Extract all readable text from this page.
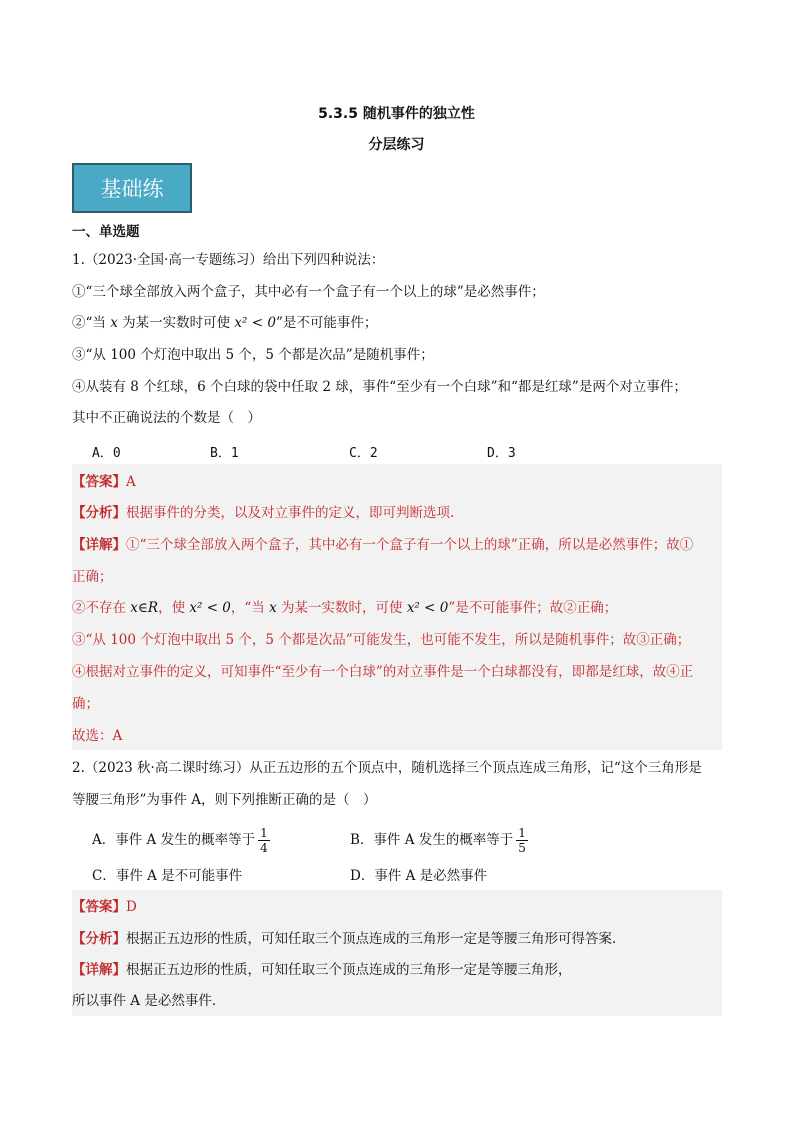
5.3.5 随机事件的独立性
分层练习
基础练
一、单选题
1.（2023·全国·高一专题练习）给出下列四种说法：
①“三个球全部放入两个盒子，其中必有一个盒子有一个以上的球”是必然事件；
②“当 x 为某一实数时可使 x² < 0”是不可能事件；
③“从 100 个灯泡中取出 5 个，5 个都是次品”是随机事件；
④从装有 8 个红球，6 个白球的袋中任取 2 球，事件“至少有一个白球”和“都是红球”是两个对立事件；
其中不正确说法的个数是（　）
A．0	B．1	C．2	D．3
【答案】A
【分析】根据事件的分类，以及对立事件的定义，即可判断选项.
【详解】①“三个球全部放入两个盒子，其中必有一个盒子有一个以上的球”正确，所以是必然事件；故①
正确；
②不存在 x∈R，使 x² < 0，“当 x 为某一实数时，可使 x² < 0”是不可能事件；故②正确；
③“从 100 个灯泡中取出 5 个，5 个都是次品”可能发生，也可能不发生，所以是随机事件；故③正确；
④根据对立事件的定义，可知事件“至少有一个白球”的对立事件是一个白球都没有，即都是红球，故④正
确；
故选：A
2.（2023 秋·高二课时练习）从正五边形的五个顶点中，随机选择三个顶点连成三角形，记“这个三角形是
等腰三角形”为事件 A，则下列推断正确的是（　）
A．事件 A 发生的概率等于 $\frac{1}{4}$	B．事件 A 发生的概率等于 $\frac{1}{5}$
C．事件 A 是不可能事件	D．事件 A 是必然事件
【答案】D
【分析】根据正五边形的性质，可知任取三个顶点连成的三角形一定是等腰三角形可得答案．
【详解】根据正五边形的性质，可知任取三个顶点连成的三角形一定是等腰三角形，
所以事件 A 是必然事件．
